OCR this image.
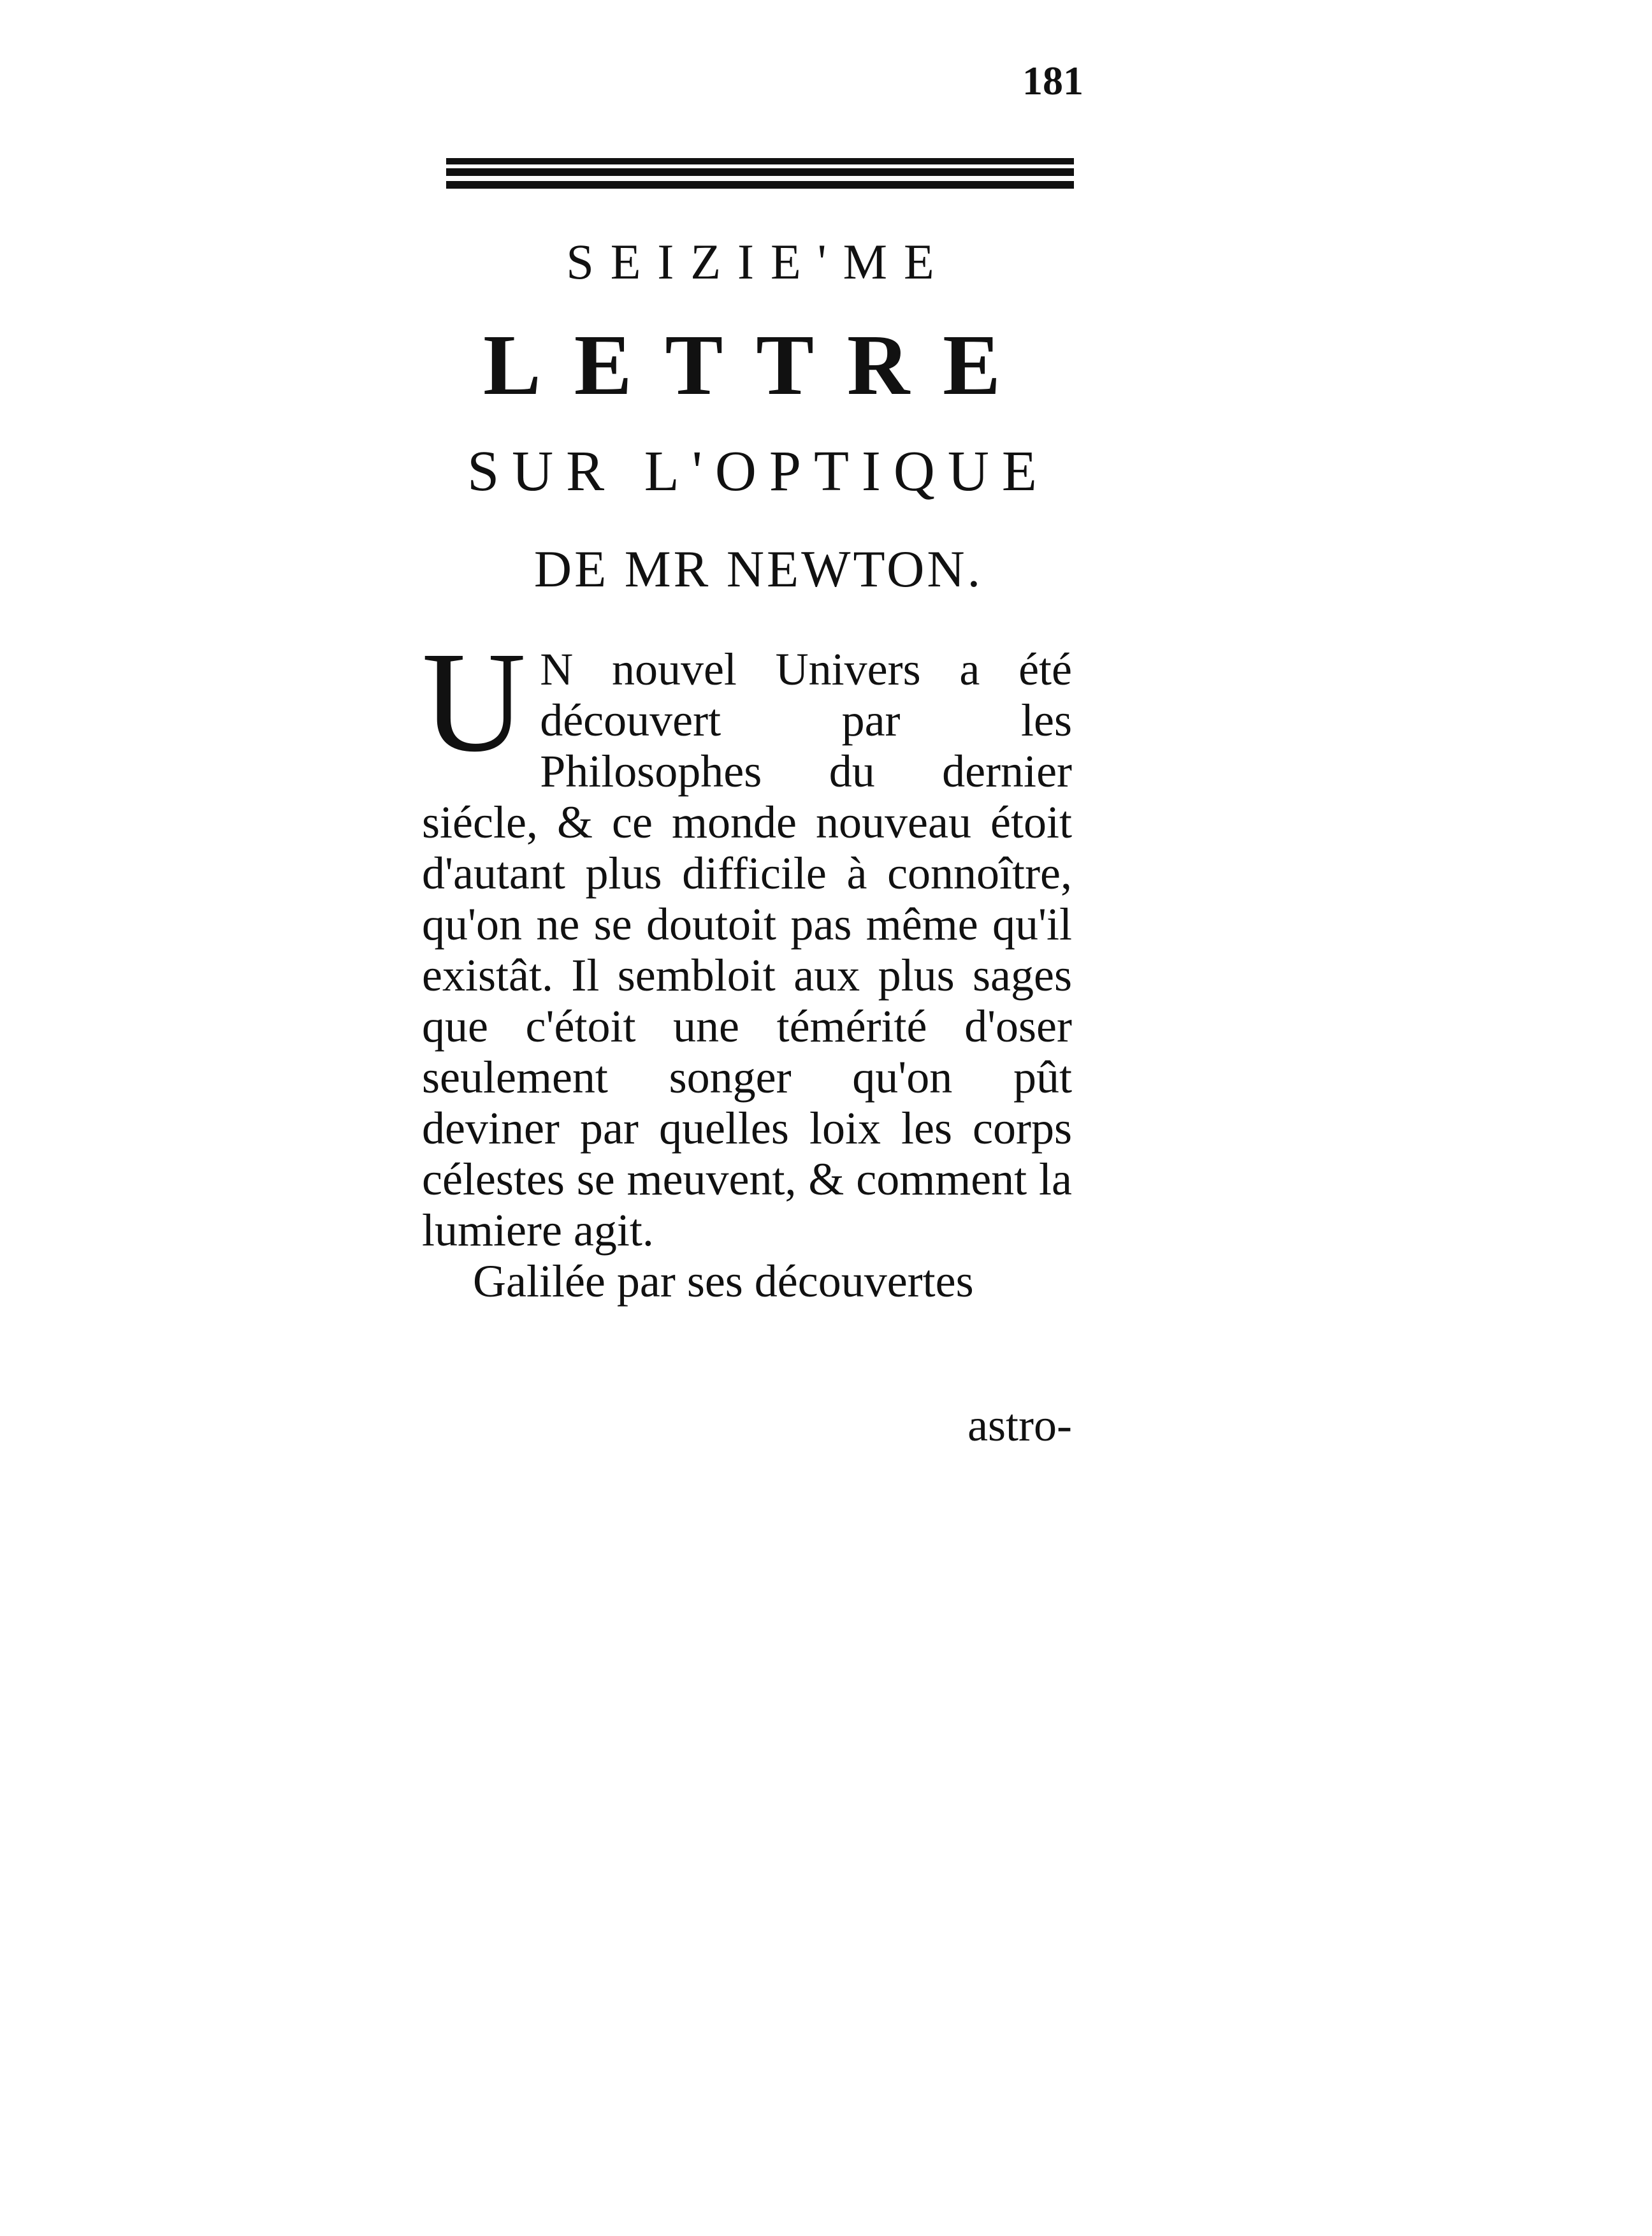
181
SEIZIE'ME
LETTRE
SUR L'OPTIQUE
DE MR NEWTON.

U N nouvel Univers a été découvert par les Philosophes du dernier siécle, & ce monde nouveau étoit d'autant plus difficile à connoître, qu'on ne se doutoit pas même qu'il existât. Il sembloit aux plus sages que c'étoit une témérité d'oser seulement songer qu'on pût deviner par quelles loix les corps célestes se meuvent, & comment la lumiere agit.

Galilée par ses découvertes

astro-
